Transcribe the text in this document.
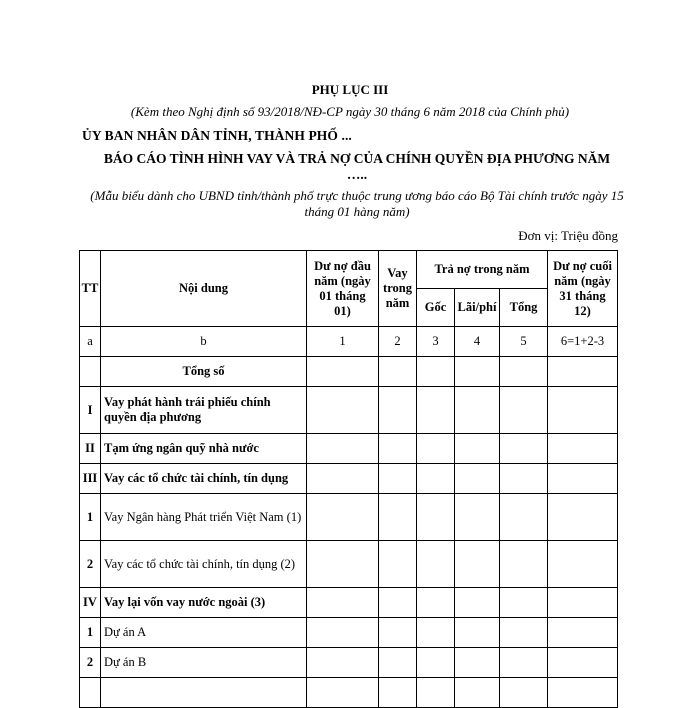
PHỤ LỤC III
(Kèm theo Nghị định số 93/2018/NĐ-CP ngày 30 tháng 6 năm 2018 của Chính phủ)
ỦY BAN NHÂN DÂN TỈNH, THÀNH PHỐ ...
BÁO CÁO TÌNH HÌNH VAY VÀ TRẢ NỢ CỦA CHÍNH QUYỀN ĐỊA PHƯƠNG NĂM
…..
(Mẫu biểu dành cho UBND tỉnh/thành phố trực thuộc trung ương báo cáo Bộ Tài chính trước ngày 15 tháng 01 hàng năm)
Đơn vị: Triệu đồng
TT	Nội dung	Dư nợ đầu năm (ngày 01 tháng 01)	Vay trong năm	Trả nợ trong năm			Dư nợ cuối năm (ngày 31 tháng 12)
				Gốc	Lãi/phí	Tổng	
a	b	1	2	3	4	5	6=1+2-3
	Tổng số						
I	Vay phát hành trái phiếu chính quyền địa phương						
II	Tạm ứng ngân quỹ nhà nước						
III	Vay các tổ chức tài chính, tín dụng						
1	Vay Ngân hàng Phát triển Việt Nam (1)						
2	Vay các tổ chức tài chính, tín dụng (2)						
IV	Vay lại vốn vay nước ngoài (3)						
1	Dự án A						
2	Dự án B						
